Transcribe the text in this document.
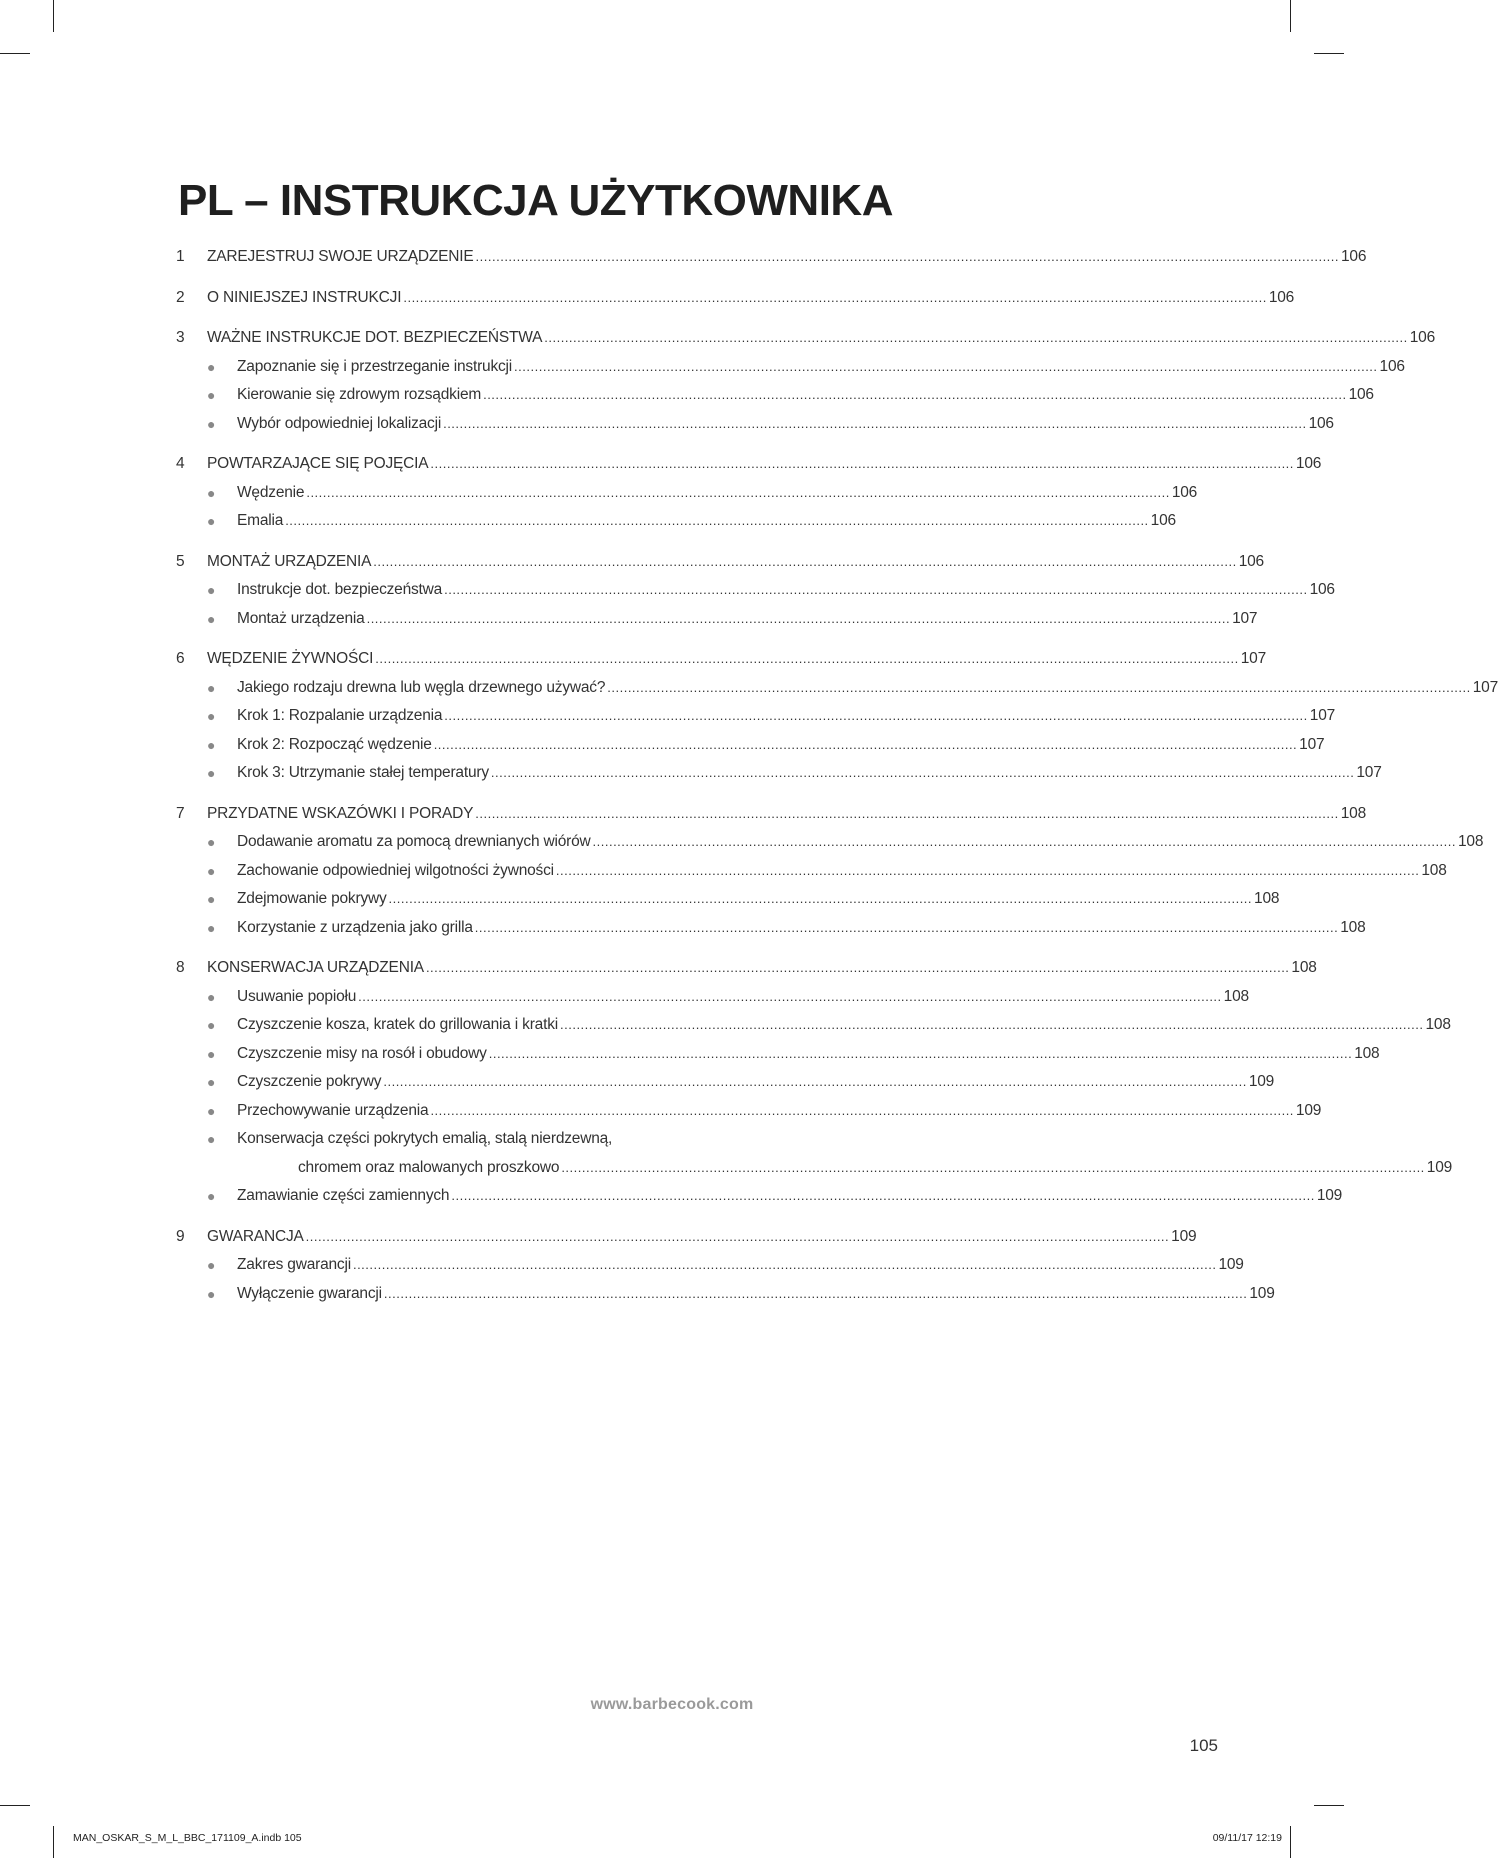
PL – INSTRUKCJA UŻYTKOWNIKA
1	ZAREJESTRUJ SWOJE URZĄDZENIE .....	106
2	O NINIEJSZEJ INSTRUKCJI .....	106
3	WAŻNE INSTRUKCJE DOT. BEZPIECZEŃSTWA .....	106
● Zapoznanie się i przestrzeganie instrukcji .....	106
● Kierowanie się zdrowym rozsądkiem .....	106
● Wybór odpowiedniej lokalizacji .....	106
4	POWTARZAJĄCE SIĘ POJĘCIA .....	106
● Wędzenie .....	106
● Emalia .....	106
5	MONTAŻ URZĄDZENIA .....	106
● Instrukcje dot. bezpieczeństwa .....	106
● Montaż urządzenia .....	107
6	WĘDZENIE ŻYWNOŚCI .....	107
● Jakiego rodzaju drewna lub węgla drzewnego używać? .....	107
● Krok 1: Rozpalanie urządzenia .....	107
● Krok 2: Rozpocząć wędzenie .....	107
● Krok 3: Utrzymanie stałej temperatury .....	107
7	PRZYDATNE WSKAZÓWKI I PORADY .....	108
● Dodawanie aromatu za pomocą drewnianych wiórów .....	108
● Zachowanie odpowiedniej wilgotności żywności .....	108
● Zdejmowanie pokrywy .....	108
● Korzystanie z urządzenia jako grilla .....	108
8	KONSERWACJA URZĄDZENIA .....	108
● Usuwanie popiołu .....	108
● Czyszczenie kosza, kratek do grillowania i kratki .....	108
● Czyszczenie misy na rosół i obudowy .....	108
● Czyszczenie pokrywy .....	109
● Przechowywanie urządzenia .....	109
● Konserwacja części pokrytych emalią, stalą nierdzewną,
chromem oraz malowanych proszkowo .....	109
● Zamawianie części zamiennych .....	109
9	GWARANCJA .....	109
● Zakres gwarancji .....	109
● Wyłączenie gwarancji .....	109
www.barbecook.com
105
MAN_OSKAR_S_M_L_BBC_171109_A.indb 105	09/11/17 12:19
